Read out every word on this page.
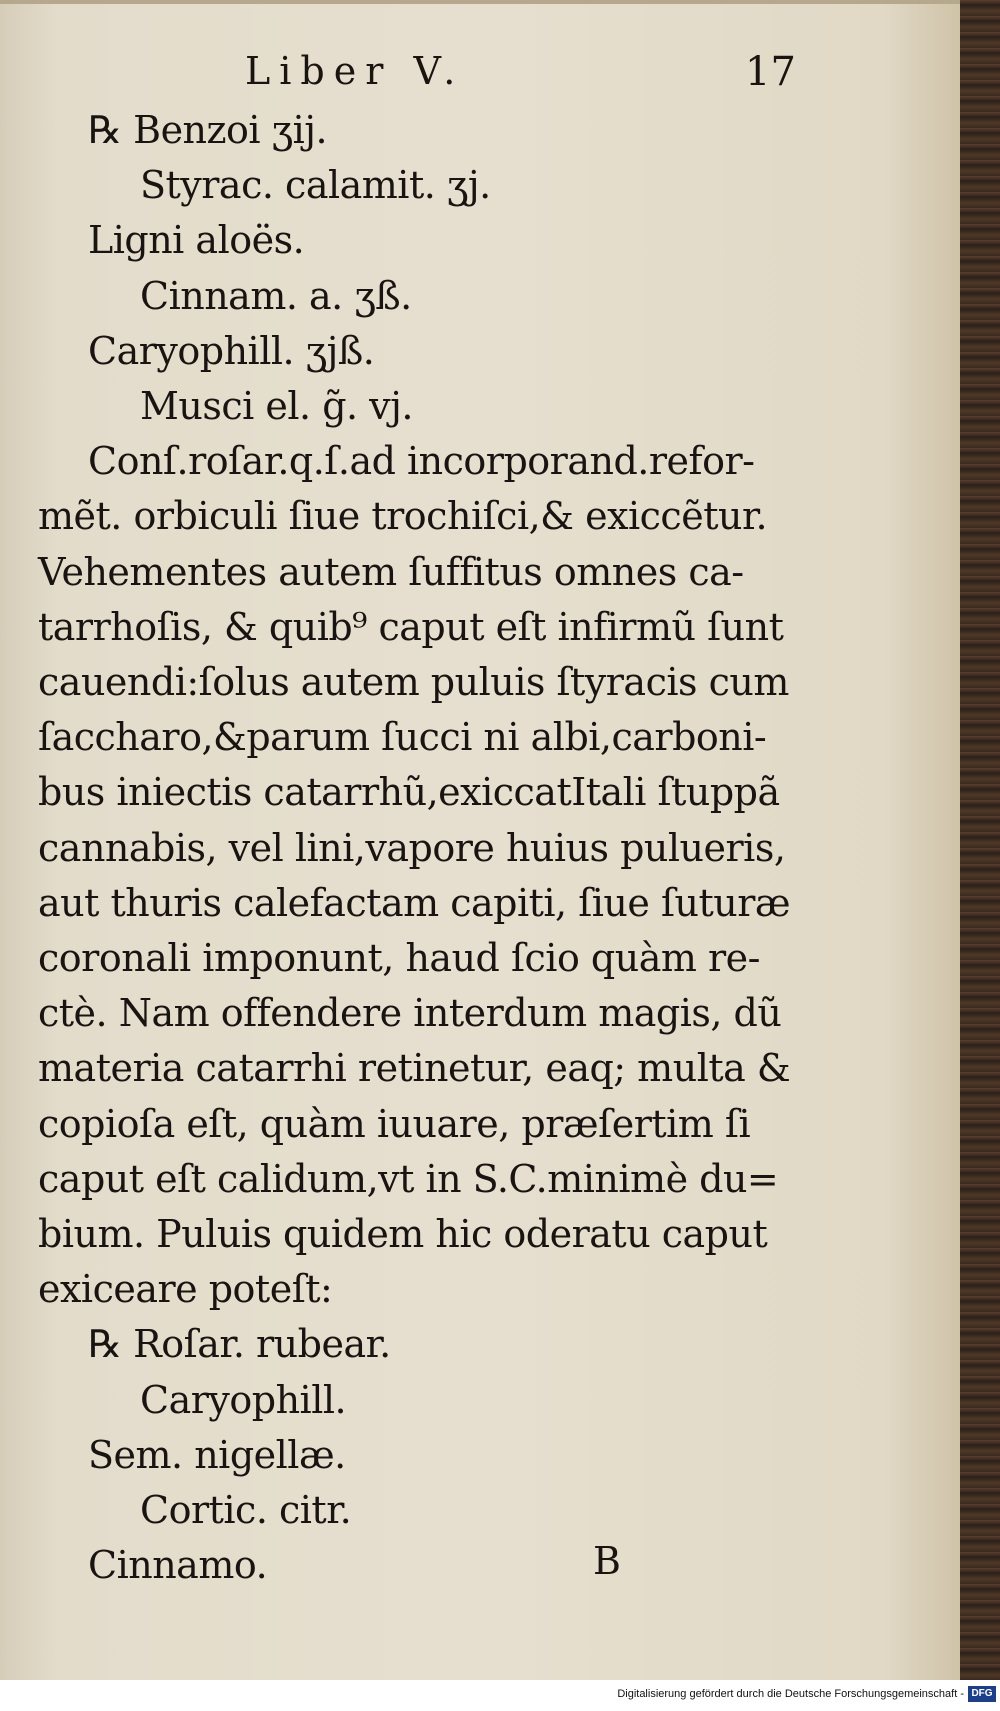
Liber V.	17
℞ Benzoi ʒij.
Styrac. calamit. ʒj.
Ligni aloës.
Cinnam. a. ʒß.
Caryophill. ʒjß.
Musci el. g̃. vj.
Conſ.roſar.q.ſ.ad incorporand.refor-
mẽt. orbiculi ſiue trochiſci,& exiccẽtur.
Vehementes autem ſuffitus omnes ca-
tarrhoſis, & quib⁹ caput eſt infirmũ ſunt
cauendi:ſolus autem puluis ſtyracis cum
ſaccharo,&parum ſucci ni albi,carboni-
bus iniectis catarrhũ,exiccatItali ſtuppã
cannabis, vel lini,vapore huius pulueris,
aut thuris calefactam capiti, ſiue ſuturæ
coronali imponunt, haud ſcio quàm re-
ctè. Nam offendere interdum magis, dũ
materia catarrhi retinetur, eaq; multa &
copioſa eſt, quàm iuuare, præſertim ſi
caput eſt calidum,vt in S.C.minimè du=
bium. Puluis quidem hic oderatu caput
exiceare poteſt:
℞ Roſar. rubear.
Caryophill.
Sem. nigellæ.
Cortic. citr.
Cinnamo.	B
Digitalisierung gefördert durch die Deutsche Forschungsgemeinschaft - DFG
